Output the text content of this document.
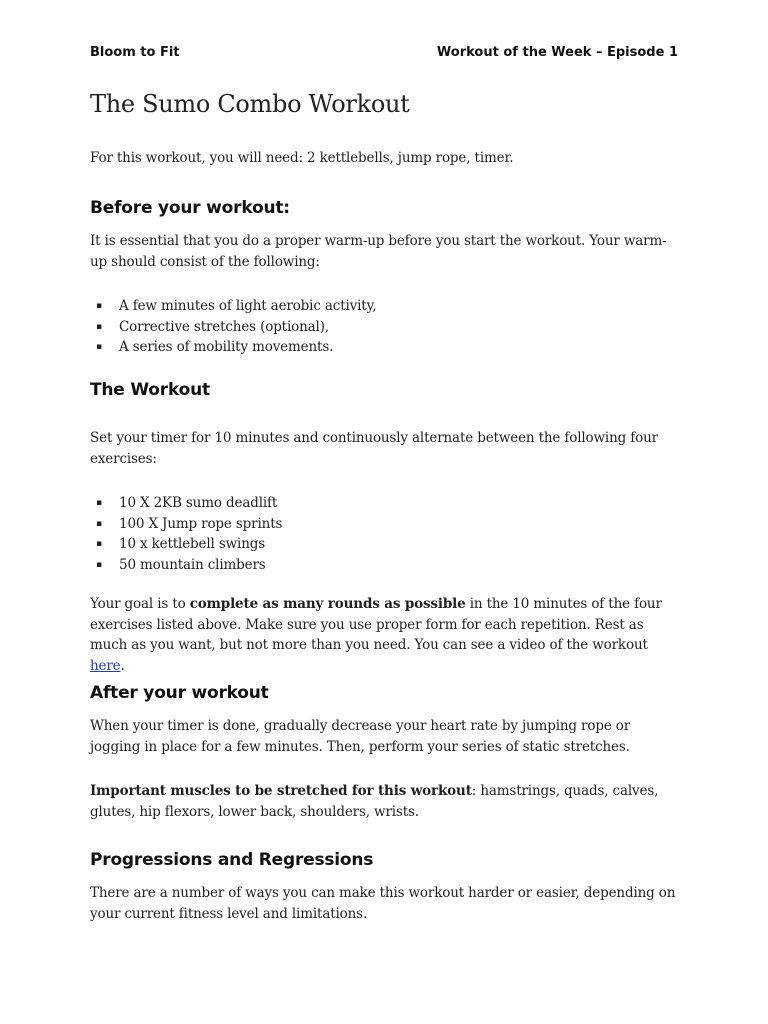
Bloom to Fit	Workout of the Week – Episode 1
The Sumo Combo Workout

For this workout, you will need: 2 kettlebells, jump rope, timer.

Before your workout:

It is essential that you do a proper warm-up before you start the workout. Your warm-up should consist of the following:

▪ A few minutes of light aerobic activity,
▪ Corrective stretches (optional),
▪ A series of mobility movements.
The Workout

Set your timer for 10 minutes and continuously alternate between the following four exercises:

▪ 10 X 2KB sumo deadlift
▪ 100 X Jump rope sprints
▪ 10 x kettlebell swings
▪ 50 mountain climbers

Your goal is to complete as many rounds as possible in the 10 minutes of the four exercises listed above. Make sure you use proper form for each repetition. Rest as much as you want, but not more than you need. You can see a video of the workout here.

After your workout

When your timer is done, gradually decrease your heart rate by jumping rope or jogging in place for a few minutes. Then, perform your series of static stretches.

Important muscles to be stretched for this workout: hamstrings, quads, calves, glutes, hip flexors, lower back, shoulders, wrists.

Progressions and Regressions

There are a number of ways you can make this workout harder or easier, depending on your current fitness level and limitations.
